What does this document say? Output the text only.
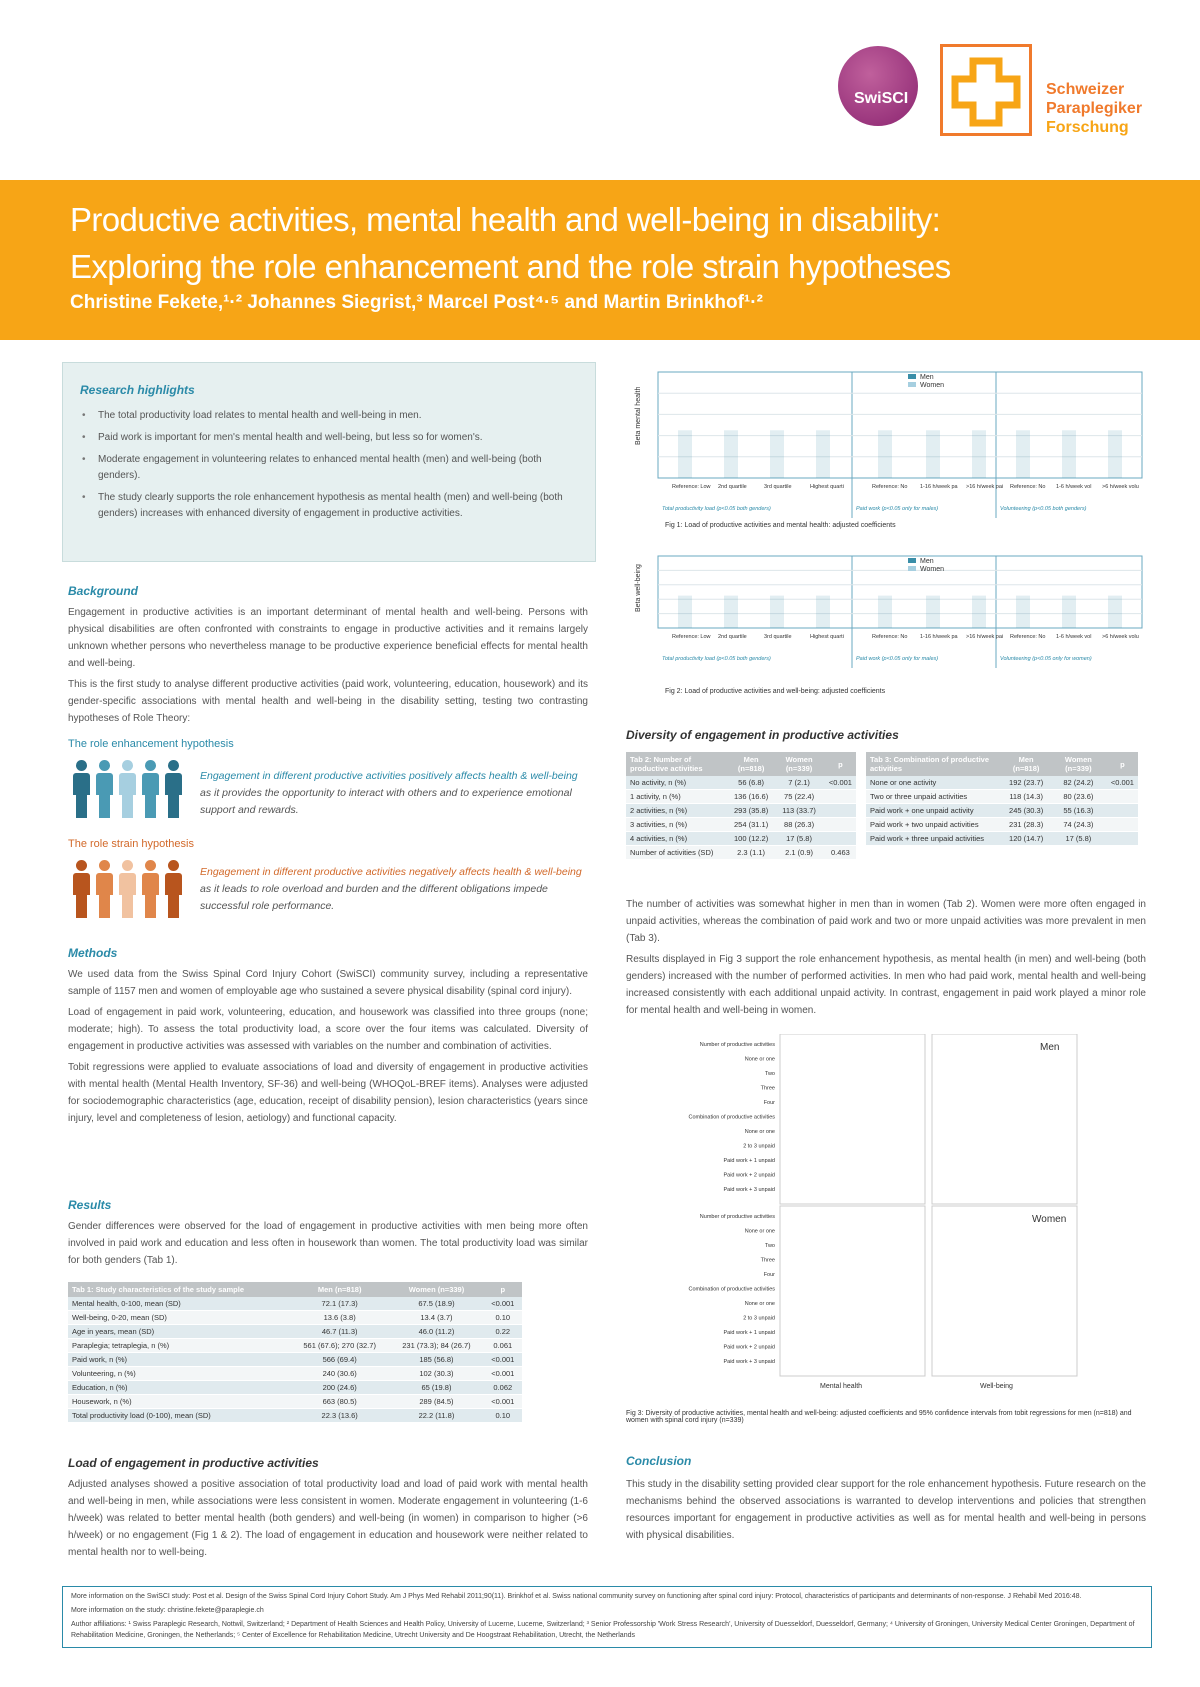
SwiSCI
Schweizer
Paraplegiker
Forschung
Productive activities, mental health and well-being in disability:
Exploring the role enhancement and the role strain hypotheses
Christine Fekete,¹·² Johannes Siegrist,³ Marcel Post⁴·⁵ and Martin Brinkhof¹·²
Research highlights
• The total productivity load relates to mental health and well-being in men.
• Paid work is important for men's mental health and well-being, but less so for women's.
• Moderate engagement in volunteering relates to enhanced mental health (men) and well-being (both genders).
• The study clearly supports the role enhancement hypothesis as mental health (men) and well-being (both genders) increases with enhanced diversity of engagement in productive activities.
Background

Engagement in productive activities is an important determinant of mental health and well-being. Persons with physical disabilities are often confronted with constraints to engage in productive activities and it remains largely unknown whether persons who nevertheless manage to be productive experience beneficial effects for mental health and well-being.

This is the first study to analyse different productive activities (paid work, volunteering, education, housework) and its gender-specific associations with mental health and well-being in the disability setting, testing two contrasting hypotheses of Role Theory:

The role enhancement hypothesis
Engagement in different productive activities positively affects health & well-being as it provides the opportunity to interact with others and to experience emotional support and rewards.
The role strain hypothesis
Engagement in different productive activities negatively affects health & well-being as it leads to role overload and burden and the different obligations impede successful role performance.
Methods

We used data from the Swiss Spinal Cord Injury Cohort (SwiSCI) community survey, including a representative sample of 1157 men and women of employable age who sustained a severe physical disability (spinal cord injury).

Load of engagement in paid work, volunteering, education, and housework was classified into three groups (none; moderate; high). To assess the total productivity load, a score over the four items was calculated. Diversity of engagement in productive activities was assessed with variables on the number and combination of activities.

Tobit regressions were applied to evaluate associations of load and diversity of engagement in productive activities with mental health (Mental Health Inventory, SF-36) and well-being (WHOQoL-BREF items). Analyses were adjusted for sociodemographic characteristics (age, education, receipt of disability pension), lesion characteristics (years since injury, level and completeness of lesion, aetiology) and functional capacity.

Results
Gender differences were observed for the load of engagement in productive activities with men being more often involved in paid work and education and less often in housework than women. The total productivity load was similar for both genders (Tab 1).
Tab 1: Study characteristics of the study sample	Men (n=818)	Women (n=339)	p
Mental health, 0-100, mean (SD)	72.1 (17.3)	67.5 (18.9)	<0.001
Well-being, 0-20, mean (SD)	13.6 (3.8)	13.4 (3.7)	0.10
Age in years, mean (SD)	46.7 (11.3)	46.0 (11.2)	0.22
Paraplegia; tetraplegia, n (%)	561 (67.6); 270 (32.7)	231 (73.3); 84 (26.7)	0.061
Paid work, n (%)	566 (69.4)	185 (56.8)	<0.001
Volunteering, n (%)	240 (30.6)	102 (30.3)	<0.001
Education, n (%)	200 (24.6)	65 (19.8)	0.062
Housework, n (%)	663 (80.5)	289 (84.5)	<0.001
Total productivity load (0-100), mean (SD)	22.3 (13.6)	22.2 (11.8)	0.10
Load of engagement in productive activities
Adjusted analyses showed a positive association of total productivity load and load of paid work with mental health and well-being in men, while associations were less consistent in women. Moderate engagement in volunteering (1-6 h/week) was related to better mental health (both genders) and well-being (in women) in comparison to higher (>6 h/week) or no engagement (Fig 1 & 2). The load of engagement in education and housework were neither related to mental health nor to well-being.
Beta mental health
Men
Women
Reference: Low 2nd quartile	3rd quartile	Highest quarti	Reference: No 1-16 h/week pa >16 h/week pai Reference: No 1-6 h/week vol >6 h/week volu
Total productivity load (p<0.05 both genders)	Paid work (p<0.05 only for males)	Volunteering (p<0.05 both genders)
Fig 1: Load of productive activities and mental health: adjusted coefficients
Beta well-being
Men
Women
Reference: Low 2nd quartile	3rd quartile	Highest quarti	Reference: No 1-16 h/week pa >16 h/week pai Reference: No 1-6 h/week vol >6 h/week volu
Total productivity load (p<0.05 both genders)	Paid work (p<0.05 only for males)	Volunteering (p<0.05 only for women)
Fig 2: Load of productive activities and well-being: adjusted coefficients
Diversity of engagement in productive activities
Tab 2: Number of productive activities	Men (n=818)	Women (n=339)	p
No activity, n (%)	56 (6.8)	7 (2.1)	<0.001
1 activity, n (%)	136 (16.6)	75 (22.4)	
2 activities, n (%)	293 (35.8)	113 (33.7)	
3 activities, n (%)	254 (31.1)	88 (26.3)	
4 activities, n (%)	100 (12.2)	17 (5.8)	
Number of activities (SD)	2.3 (1.1)	2.1 (0.9)	0.463
Tab 3: Combination of productive activities	Men (n=818)	Women (n=339)	p
None or one activity	192 (23.7)	82 (24.2)	<0.001
Two or three unpaid activities	118 (14.3)	80 (23.6)	
Paid work + one unpaid activity	245 (30.3)	55 (16.3)	
Paid work + two unpaid activities	231 (28.3)	74 (24.3)	
Paid work + three unpaid activities	120 (14.7)	17 (5.8)	

The number of activities was somewhat higher in men than in women (Tab 2). Women were more often engaged in unpaid activities, whereas the combination of paid work and two or more unpaid activities was more prevalent in men (Tab 3).

Results displayed in Fig 3 support the role enhancement hypothesis, as mental health (in men) and well-being (both genders) increased with the number of performed activities. In men who had paid work, mental health and well-being increased consistently with each additional unpaid activity. In contrast, engagement in paid work played a minor role for mental health and well-being in women.

Men
Women
Number of productive activities
None or one
Two
Three
Four
Combination of productive activities
None or one
2 to 3 unpaid
Paid work + 1 unpaid
Paid work + 2 unpaid
Paid work + 3 unpaid
Number of productive activities
None or one
Two
Three
Four
Combination of productive activities
None or one
2 to 3 unpaid
Paid work + 1 unpaid
Paid work + 2 unpaid
Paid work + 3 unpaid
Mental health	Well-being
Fig 3: Diversity of productive activities, mental health and well-being: adjusted coefficients and 95% confidence intervals from tobit regressions for men (n=818) and women with spinal cord injury (n=339)
Conclusion
This study in the disability setting provided clear support for the role enhancement hypothesis. Future research on the mechanisms behind the observed associations is warranted to develop interventions and policies that strengthen resources important for engagement in productive activities as well as for mental health and well-being in persons with physical disabilities.
More information on the SwiSCI study: Post et al. Design of the Swiss Spinal Cord Injury Cohort Study. Am J Phys Med Rehabil 2011;90(11). Brinkhof et al. Swiss national community survey on functioning after spinal cord injury: Protocol, characteristics of participants and determinants of non-response. J Rehabil Med 2016:48.
More information on the study: christine.fekete@paraplegie.ch
Author affiliations: ¹ Swiss Paraplegic Research, Nottwil, Switzerland; ² Department of Health Sciences and Health Policy, University of Lucerne, Lucerne, Switzerland; ³ Senior Professorship 'Work Stress Research', University of Duesseldorf, Duesseldorf, Germany; ⁴ University of Groningen, University Medical Center Groningen, Department of Rehabilitation Medicine, Groningen, the Netherlands; ⁵ Center of Excellence for Rehabilitation Medicine, Utrecht University and De Hoogstraat Rehabilitation, Utrecht, the Netherlands
